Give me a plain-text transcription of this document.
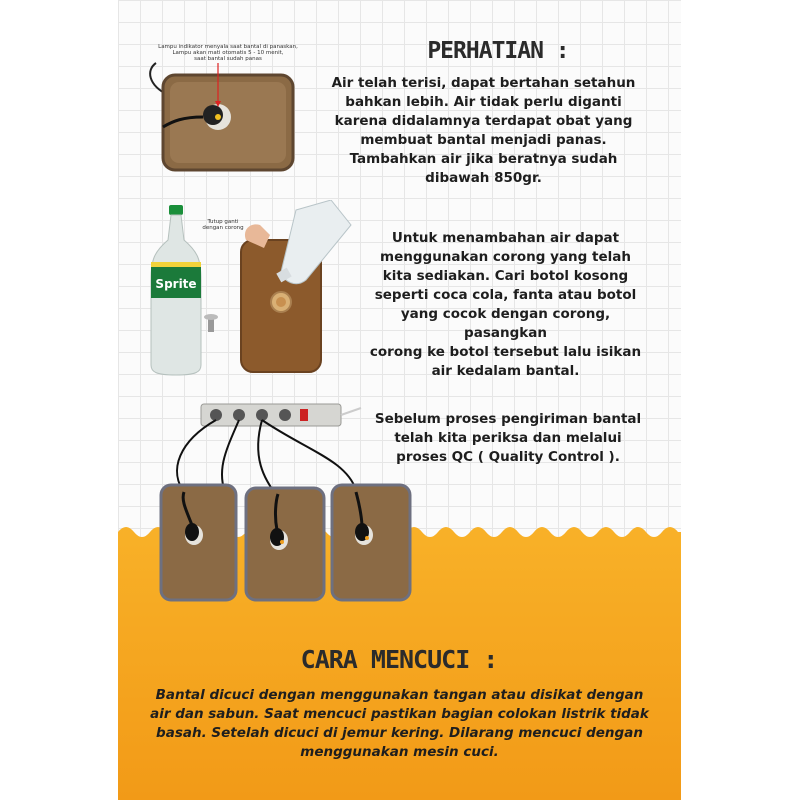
Lampu indikator menyala saat bantal di panaskan,
Lampu akan mati otomatis 5 - 10 menit,
saat bantal sudah panas	PERHATIAN :

Air telah terisi, dapat bertahan setahun

bahkan lebih. Air tidak perlu diganti

karena didalamnya terdapat obat yang

membuat bantal menjadi panas.

Tambahkan air jika beratnya sudah

dibawah 850gr.

Sprite
Tutup ganti
dengan corong

Untuk menambahan air dapat

menggunakan corong yang telah

kita sediakan. Cari botol kosong

seperti coca cola, fanta atau botol

yang cocok dengan corong, pasangkan

corong ke botol tersebut lalu isikan

air kedalam bantal.

Sebelum proses pengiriman bantal

telah kita periksa dan melalui

proses QC ( Quality Control ).

CARA MENCUCI :

Bantal dicuci dengan menggunakan tangan atau disikat dengan

air dan sabun. Saat mencuci pastikan bagian colokan listrik tidak

basah. Setelah dicuci di jemur kering. Dilarang mencuci dengan

menggunakan mesin cuci.
